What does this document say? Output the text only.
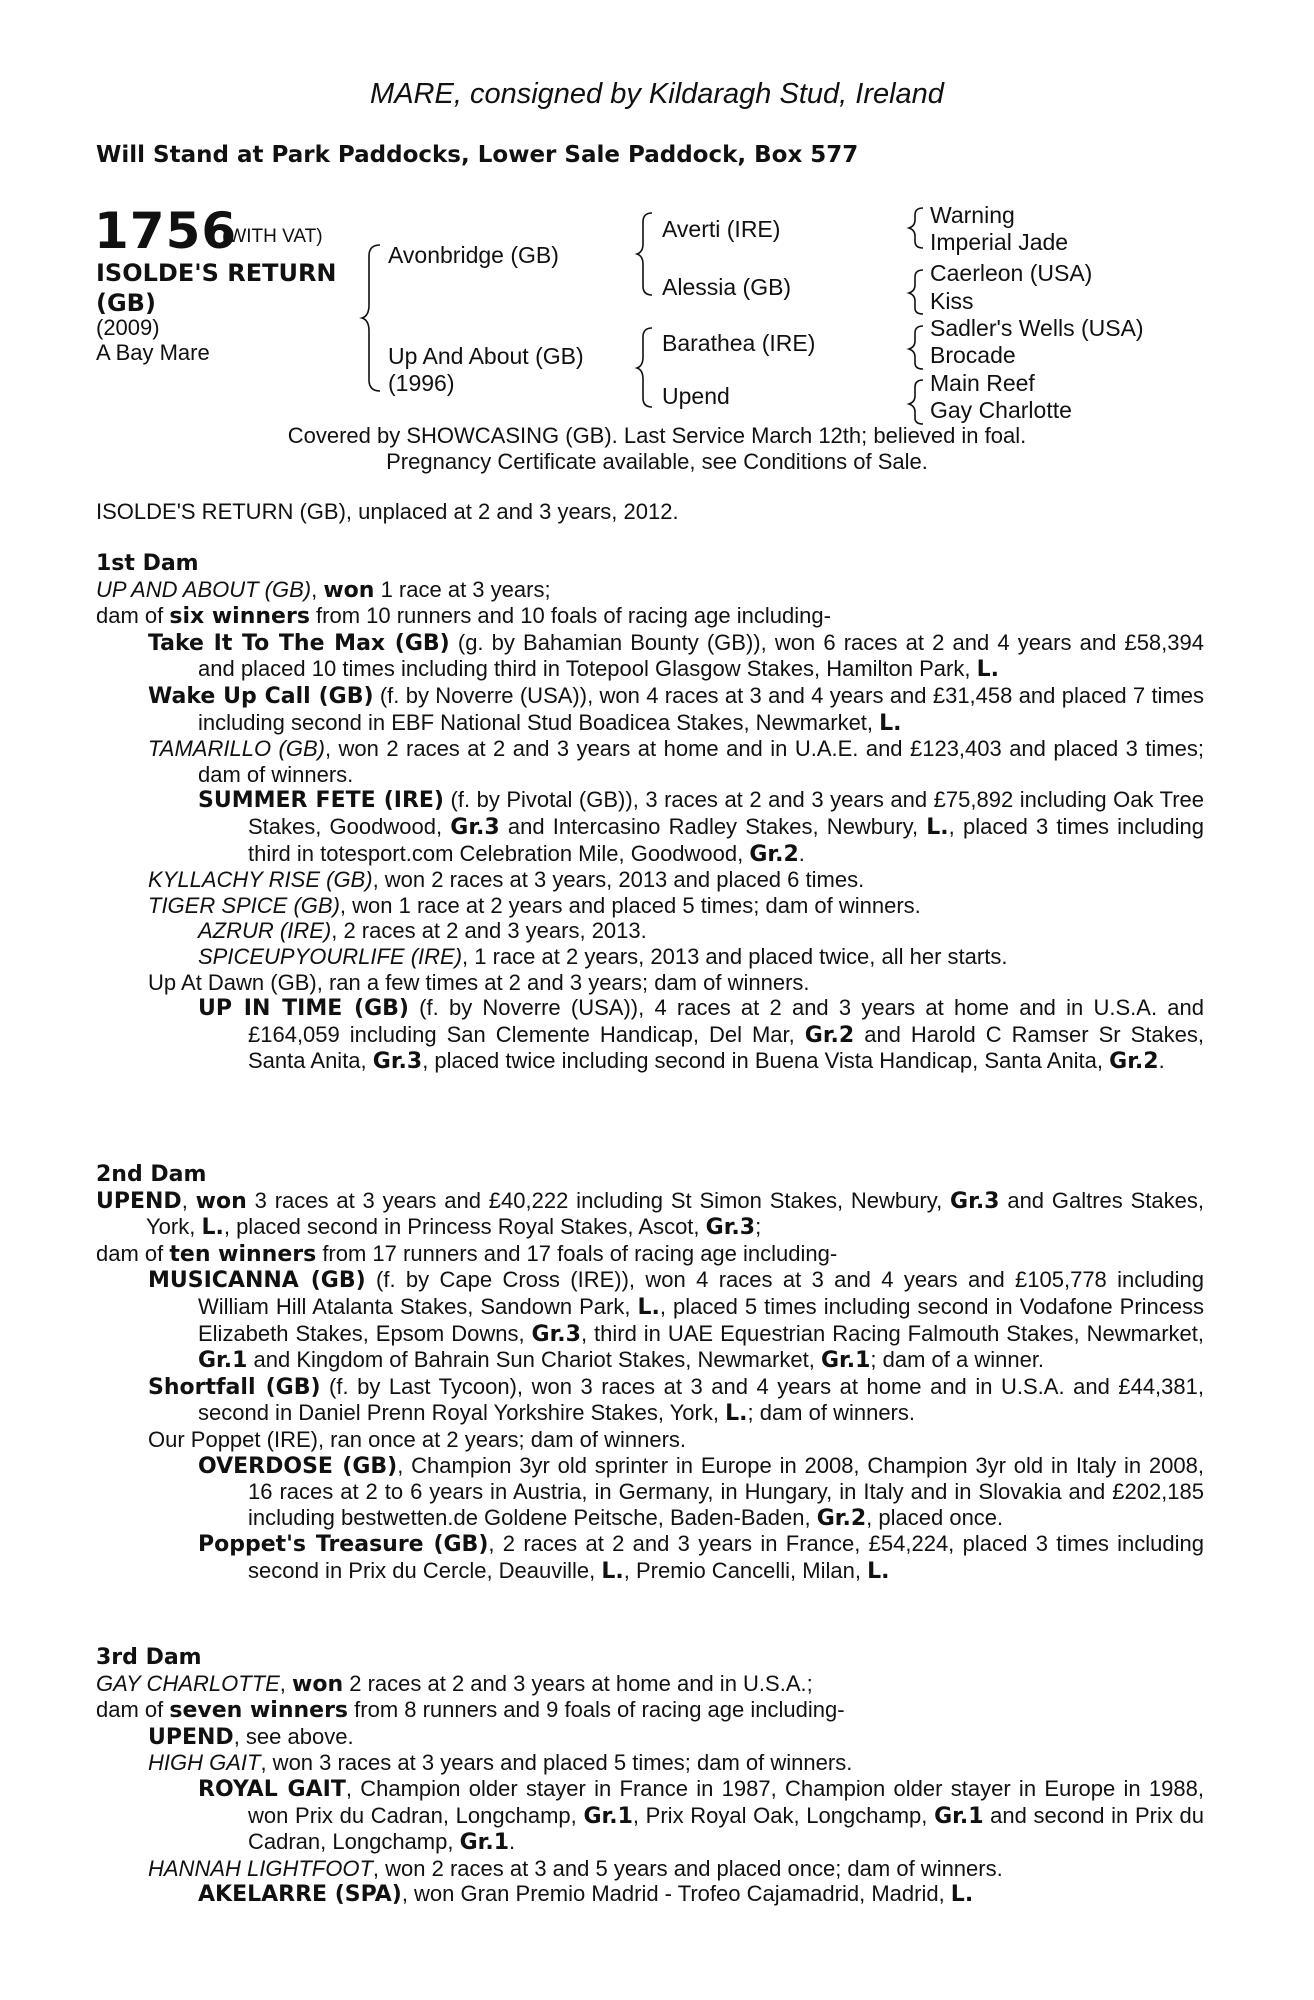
MARE, consigned by Kildaragh Stud, Ireland
Will Stand at Park Paddocks, Lower Sale Paddock, Box 577
1756
(WITH VAT)
ISOLDE'S RETURN
(GB)
(2009)
A Bay Mare
Avonbridge (GB)
Up And About (GB)
(1996)
Averti (IRE)
Alessia (GB)
Barathea (IRE)
Upend
Warning
Imperial Jade
Caerleon (USA)
Kiss
Sadler's Wells (USA)
Brocade
Main Reef
Gay Charlotte
Covered by SHOWCASING (GB). Last Service March 12th; believed in foal.
Pregnancy Certificate available, see Conditions of Sale.
ISOLDE'S RETURN (GB), unplaced at 2 and 3 years, 2012.
1st Dam

UP AND ABOUT (GB), won 1 race at 3 years;

dam of six winners from 10 runners and 10 foals of racing age including-

Take It To The Max (GB) (g. by Bahamian Bounty (GB)), won 6 races at 2 and 4 years and £58,394 and placed 10 times including third in Totepool Glasgow Stakes, Hamilton Park, L.

Wake Up Call (GB) (f. by Noverre (USA)), won 4 races at 3 and 4 years and £31,458 and placed 7 times including second in EBF National Stud Boadicea Stakes, Newmarket, L.

TAMARILLO (GB), won 2 races at 2 and 3 years at home and in U.A.E. and £123,403 and placed 3 times; dam of winners.

SUMMER FETE (IRE) (f. by Pivotal (GB)), 3 races at 2 and 3 years and £75,892 including Oak Tree Stakes, Goodwood, Gr.3 and Intercasino Radley Stakes, Newbury, L., placed 3 times including third in totesport.com Celebration Mile, Goodwood, Gr.2.

KYLLACHY RISE (GB), won 2 races at 3 years, 2013 and placed 6 times.

TIGER SPICE (GB), won 1 race at 2 years and placed 5 times; dam of winners.

AZRUR (IRE), 2 races at 2 and 3 years, 2013.

SPICEUPYOURLIFE (IRE), 1 race at 2 years, 2013 and placed twice, all her starts.

Up At Dawn (GB), ran a few times at 2 and 3 years; dam of winners.

UP IN TIME (GB) (f. by Noverre (USA)), 4 races at 2 and 3 years at home and in U.S.A. and £164,059 including San Clemente Handicap, Del Mar, Gr.2 and Harold C Ramser Sr Stakes, Santa Anita, Gr.3, placed twice including second in Buena Vista Handicap, Santa Anita, Gr.2.

2nd Dam

UPEND, won 3 races at 3 years and £40,222 including St Simon Stakes, Newbury, Gr.3 and Galtres Stakes, York, L., placed second in Princess Royal Stakes, Ascot, Gr.3;

dam of ten winners from 17 runners and 17 foals of racing age including-

MUSICANNA (GB) (f. by Cape Cross (IRE)), won 4 races at 3 and 4 years and £105,778 including William Hill Atalanta Stakes, Sandown Park, L., placed 5 times including second in Vodafone Princess Elizabeth Stakes, Epsom Downs, Gr.3, third in UAE Equestrian Racing Falmouth Stakes, Newmarket, Gr.1 and Kingdom of Bahrain Sun Chariot Stakes, Newmarket, Gr.1; dam of a winner.

Shortfall (GB) (f. by Last Tycoon), won 3 races at 3 and 4 years at home and in U.S.A. and £44,381, second in Daniel Prenn Royal Yorkshire Stakes, York, L.; dam of winners.

Our Poppet (IRE), ran once at 2 years; dam of winners.

OVERDOSE (GB), Champion 3yr old sprinter in Europe in 2008, Champion 3yr old in Italy in 2008, 16 races at 2 to 6 years in Austria, in Germany, in Hungary, in Italy and in Slovakia and £202,185 including bestwetten.de Goldene Peitsche, Baden-Baden, Gr.2, placed once.

Poppet's Treasure (GB), 2 races at 2 and 3 years in France, £54,224, placed 3 times including second in Prix du Cercle, Deauville, L., Premio Cancelli, Milan, L.

3rd Dam

GAY CHARLOTTE, won 2 races at 2 and 3 years at home and in U.S.A.;

dam of seven winners from 8 runners and 9 foals of racing age including-

UPEND, see above.

HIGH GAIT, won 3 races at 3 years and placed 5 times; dam of winners.

ROYAL GAIT, Champion older stayer in France in 1987, Champion older stayer in Europe in 1988, won Prix du Cadran, Longchamp, Gr.1, Prix Royal Oak, Longchamp, Gr.1 and second in Prix du Cadran, Longchamp, Gr.1.

HANNAH LIGHTFOOT, won 2 races at 3 and 5 years and placed once; dam of winners.

AKELARRE (SPA), won Gran Premio Madrid - Trofeo Cajamadrid, Madrid, L.
